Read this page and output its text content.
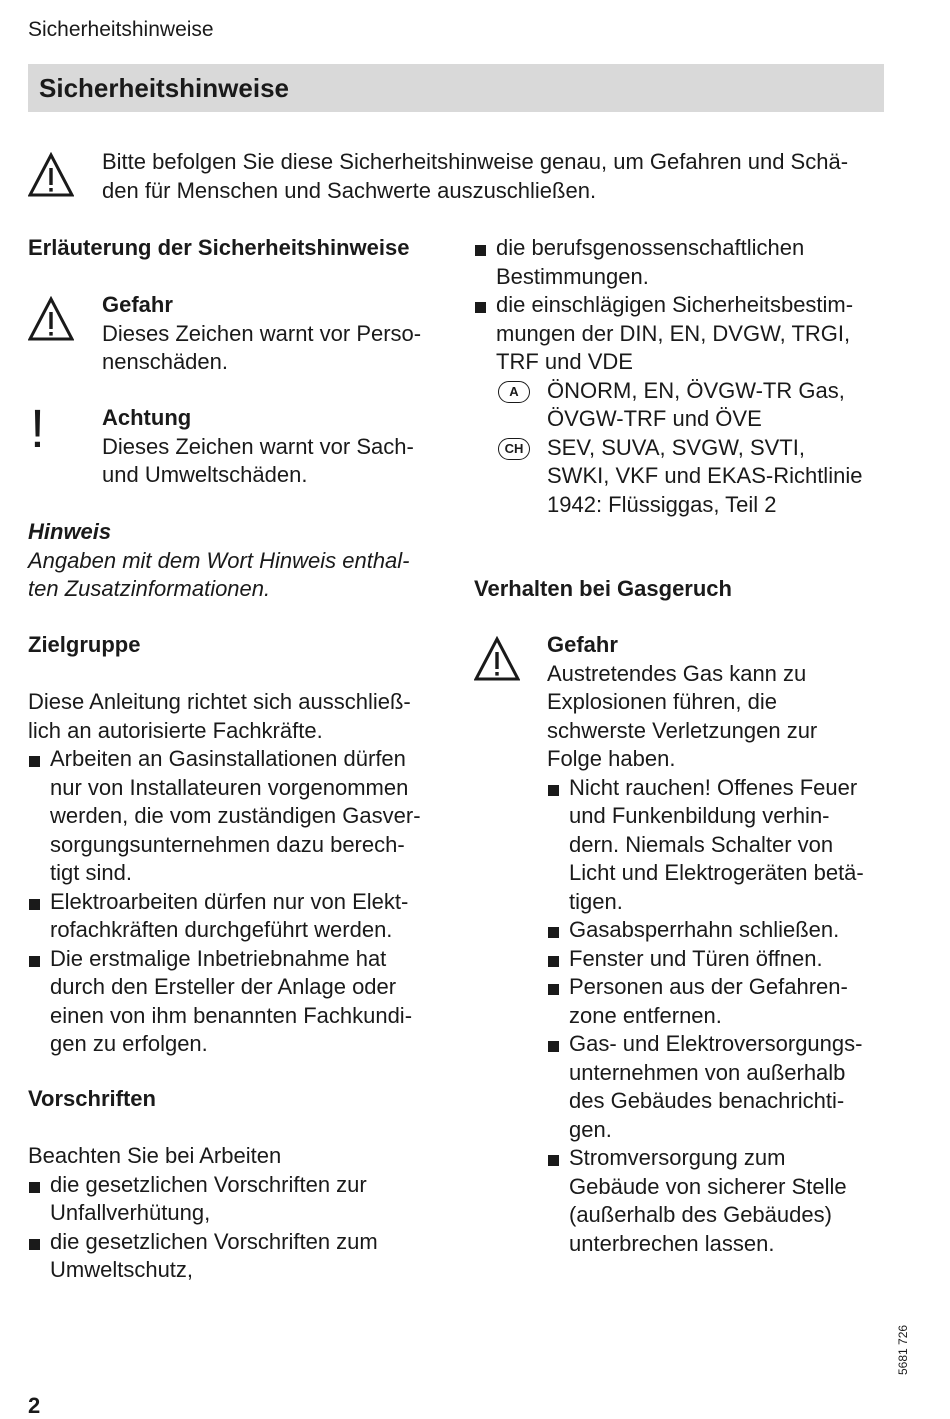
Sicherheitshinweise
Sicherheitshinweise
Bitte befolgen Sie diese Sicherheitshinweise genau, um Gefahren und Schä-
den für Menschen und Sachwerte auszuschließen.
Erläuterung der Sicherheitshinweise
Gefahr
Dieses Zeichen warnt vor Perso-
nenschäden.
!	Achtung
Dieses Zeichen warnt vor Sach-
und Umweltschäden.
Hinweis
Angaben mit dem Wort Hinweis enthal-
ten Zusatzinformationen.
Zielgruppe
Diese Anleitung richtet sich ausschließ-
lich an autorisierte Fachkräfte.
Arbeiten an Gasinstallationen dürfen
nur von Installateuren vorgenommen
werden, die vom zuständigen Gasver-
sorgungsunternehmen dazu berech-
tigt sind.
Elektroarbeiten dürfen nur von Elekt-
rofachkräften durchgeführt werden.
Die erstmalige Inbetriebnahme hat
durch den Ersteller der Anlage oder
einen von ihm benannten Fachkundi-
gen zu erfolgen.
Vorschriften
Beachten Sie bei Arbeiten
die gesetzlichen Vorschriften zur
Unfallverhütung,
die gesetzlichen Vorschriften zum
Umweltschutz,
die berufsgenossenschaftlichen
Bestimmungen.
die einschlägigen Sicherheitsbestim-
mungen der DIN, EN, DVGW, TRGI,
TRF und VDE
A	ÖNORM, EN, ÖVGW-TR Gas,
ÖVGW-TRF und ÖVE
CH	SEV, SUVA, SVGW, SVTI,
SWKI, VKF und EKAS-Richtlinie
1942: Flüssiggas, Teil 2
Verhalten bei Gasgeruch
Gefahr
Austretendes Gas kann zu
Explosionen führen, die
schwerste Verletzungen zur
Folge haben.
Nicht rauchen! Offenes Feuer
und Funkenbildung verhin-
dern. Niemals Schalter von
Licht und Elektrogeräten betä-
tigen.
Gasabsperrhahn schließen.
Fenster und Türen öffnen.
Personen aus der Gefahren-
zone entfernen.
Gas- und Elektroversorgungs-
unternehmen von außerhalb
des Gebäudes benachrichti-
gen.
Stromversorgung zum
Gebäude von sicherer Stelle
(außerhalb des Gebäudes)
unterbrechen lassen.
5681 726
2
